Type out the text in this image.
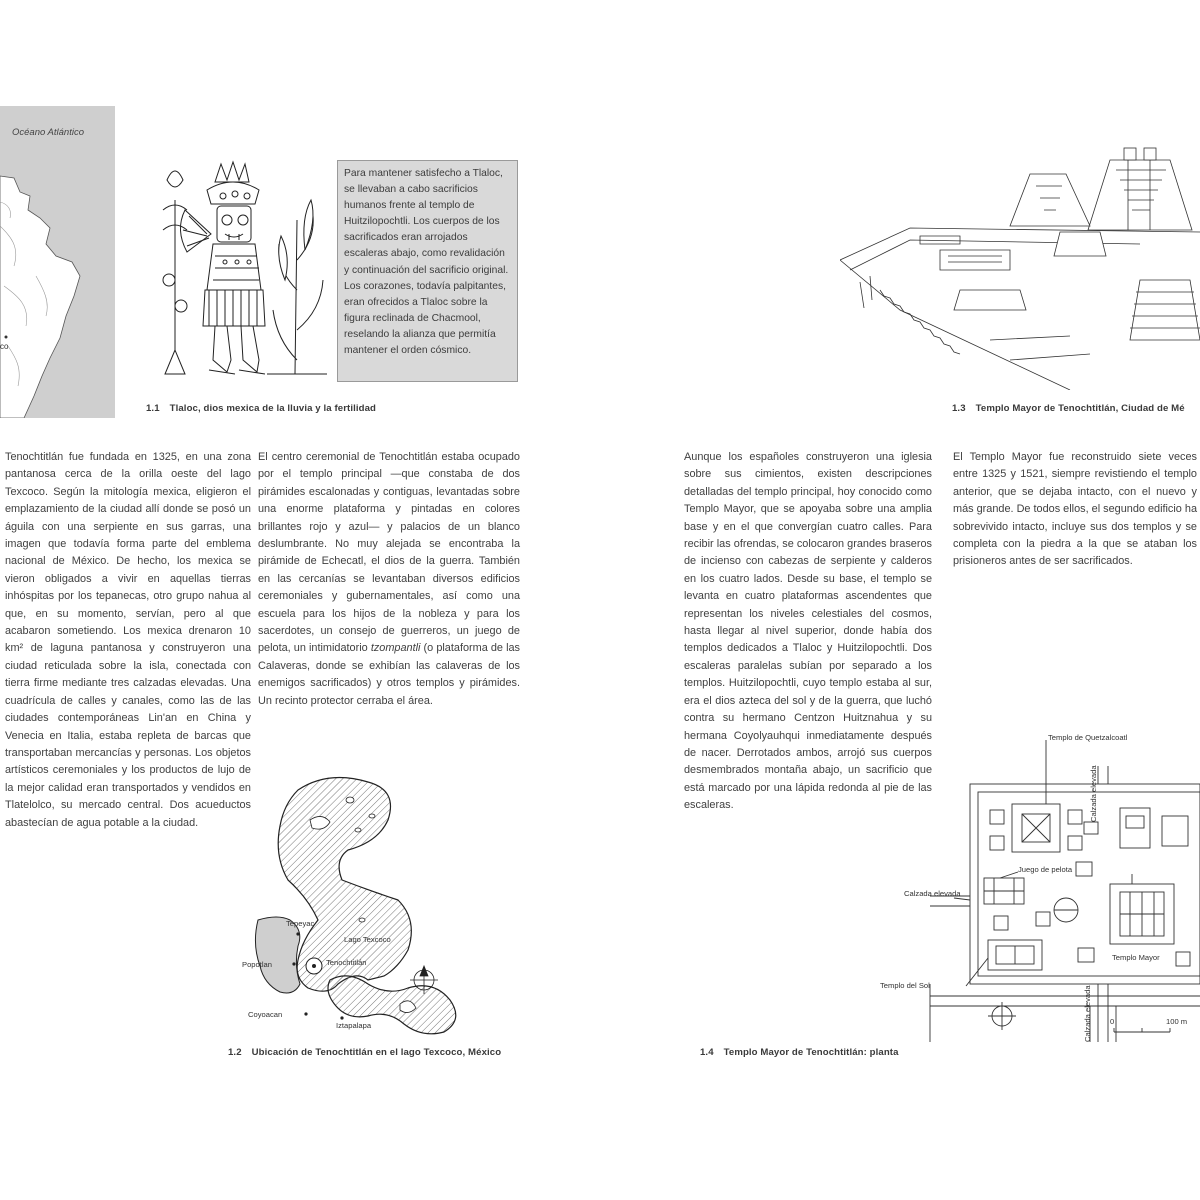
Océano Atlántico
co

Para mantener satisfecho a Tlaloc, se llevaban a cabo sacrificios humanos frente al templo de Huitzilopochtli. Los cuerpos de los sacrificados eran arrojados escaleras abajo, como revalidación y continuación del sacrificio original. Los corazones, todavía palpitantes, eran ofrecidos a Tlaloc sobre la figura reclinada de Chacmool, reselando la alianza que permitía mantener el orden cósmico.

1.1 Tlaloc, dios mexica de la lluvia y la fertilidad	1.3 Templo Mayor de Tenochtitlán, Ciudad de Mé

Tenochtitlán fue fundada en 1325, en una zona pantanosa cerca de la orilla oeste del lago Texcoco. Según la mitología mexica, eligieron el emplazamiento de la ciudad allí donde se posó un águila con una serpiente en sus garras, una imagen que todavía forma parte del emblema nacional de México. De hecho, los mexica se vieron obligados a vivir en aquellas tierras inhóspitas por los tepanecas, otro grupo nahua al que, en su momento, servían, pero al que acabaron sometiendo. Los mexica drenaron 10 km² de laguna pantanosa y construyeron una ciudad reticulada sobre la isla, conectada con tierra firme mediante tres calzadas elevadas. Una cuadrícula de calles y canales, como las de las ciudades contemporáneas Lin'an en China y Venecia en Italia, estaba repleta de barcas que transportaban mercancías y personas. Los objetos artísticos ceremoniales y los productos de lujo de la mejor calidad eran transportados y vendidos en Tlatelolco, su mercado central. Dos acueductos abastecían de agua potable a la ciudad.

El centro ceremonial de Tenochtitlán estaba ocupado por el templo principal —que constaba de dos pirámides escalonadas y contiguas, levantadas sobre una enorme plataforma y pintadas en colores brillantes rojo y azul— y palacios de un blanco deslumbrante. No muy alejada se encontraba la pirámide de Echecatl, el dios de la guerra. También en las cercanías se levantaban diversos edificios ceremoniales y gubernamentales, así como una escuela para los hijos de la nobleza y para los sacerdotes, un consejo de guerreros, un juego de pelota, un intimidatorio tzompantli (o plataforma de las Calaveras, donde se exhibían las calaveras de los enemigos sacrificados) y otros templos y pirámides. Un recinto protector cerraba el área.

Aunque los españoles construyeron una iglesia sobre sus cimientos, existen descripciones detalladas del templo principal, hoy conocido como Templo Mayor, que se apoyaba sobre una amplia base y en el que convergían cuatro calles. Para recibir las ofrendas, se colocaron grandes braseros de incienso con cabezas de serpiente y calderos en los cuatro lados. Desde su base, el templo se levanta en cuatro plataformas ascendentes que representan los niveles celestiales del cosmos, hasta llegar al nivel superior, donde había dos templos dedicados a Tlaloc y Huitzilopochtli. Dos escaleras paralelas subían por separado a los templos. Huitzilopochtli, cuyo templo estaba al sur, era el dios azteca del sol y de la guerra, que luchó contra su hermano Centzon Huitznahua y su hermana Coyolyauhqui inmediatamente después de nacer. Derrotados ambos, arrojó sus cuerpos desmembrados montaña abajo, un sacrificio que está marcado por una lápida redonda al pie de las escaleras.

El Templo Mayor fue reconstruido siete veces entre 1325 y 1521, siempre revistiendo el templo anterior, que se dejaba intacto, con el nuevo y más grande. De todos ellos, el segundo edificio ha sobrevivido intacto, incluye sus dos templos y se completa con la piedra a la que se ataban los prisioneros antes de ser sacrificados.

Tepeyac
Lago Texcoco
Popotlan	Tenochtitlán
Coyoacan
Iztapalapa
1.2 Ubicación de Tenochtitlán en el lago Texcoco, México
Templo de Quetzalcoatl
Juego de pelota
Calzada elevada
Templo Mayor
Templo del Sol
0	100 m
Calzada elevada
Calzada elevada
1.4 Templo Mayor de Tenochtitlán: planta
